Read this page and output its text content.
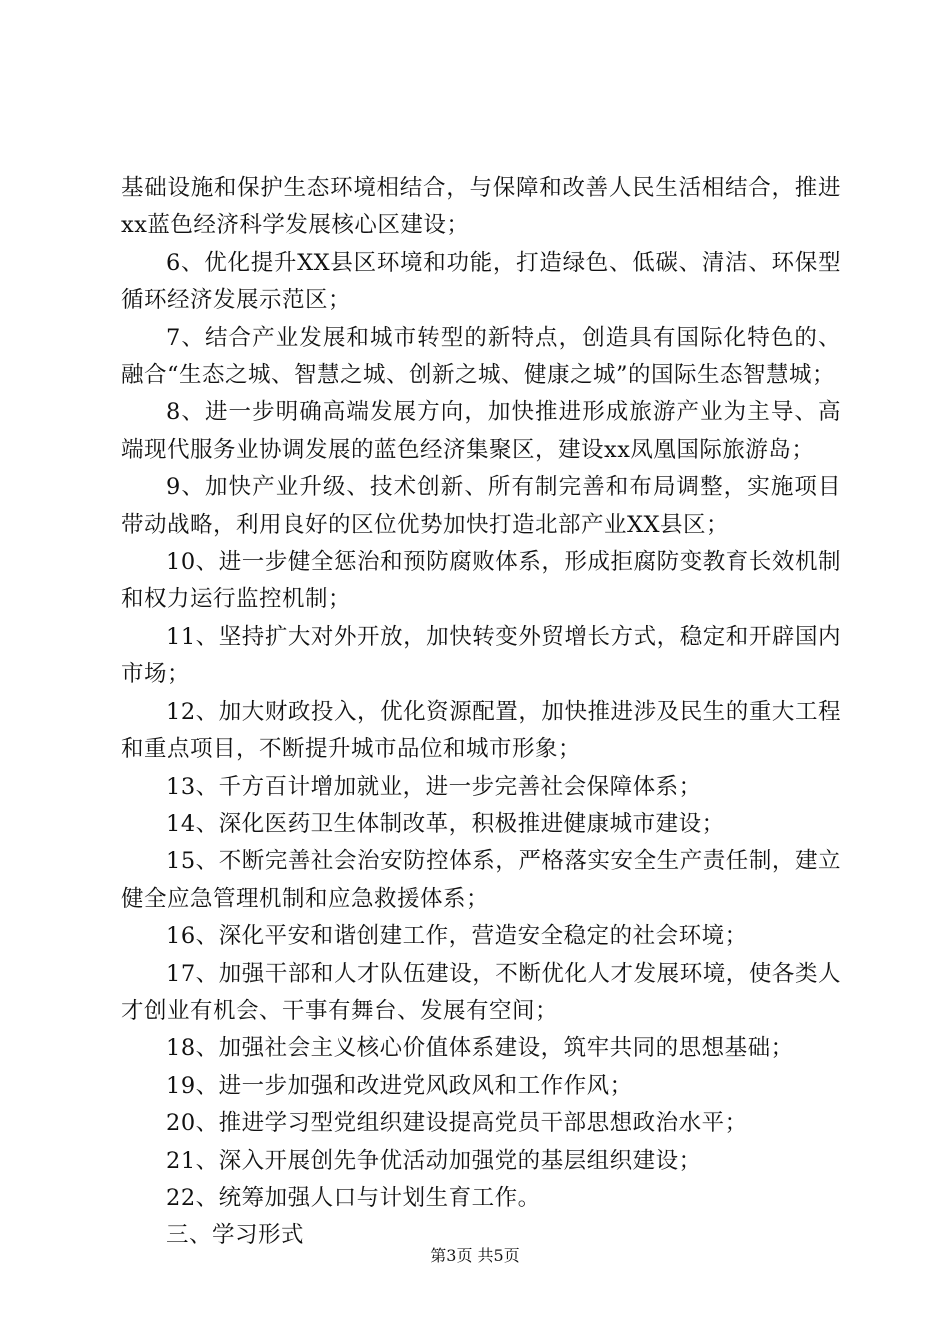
基础设施和保护生态环境相结合，与保障和改善人民生活相结合，推进xx蓝色经济科学发展核心区建设；

6、优化提升XX县区环境和功能，打造绿色、低碳、清洁、环保型循环经济发展示范区；

7、结合产业发展和城市转型的新特点，创造具有国际化特色的、融合“生态之城、智慧之城、创新之城、健康之城”的国际生态智慧城；

8、进一步明确高端发展方向，加快推进形成旅游产业为主导、高端现代服务业协调发展的蓝色经济集聚区，建设xx凤凰国际旅游岛；

9、加快产业升级、技术创新、所有制完善和布局调整，实施项目带动战略，利用良好的区位优势加快打造北部产业XX县区；

10、进一步健全惩治和预防腐败体系，形成拒腐防变教育长效机制和权力运行监控机制；

11、坚持扩大对外开放，加快转变外贸增长方式，稳定和开辟国内市场；

12、加大财政投入，优化资源配置，加快推进涉及民生的重大工程和重点项目，不断提升城市品位和城市形象；

13、千方百计增加就业，进一步完善社会保障体系；

14、深化医药卫生体制改革，积极推进健康城市建设；

15、不断完善社会治安防控体系，严格落实安全生产责任制，建立健全应急管理机制和应急救援体系；

16、深化平安和谐创建工作，营造安全稳定的社会环境；

17、加强干部和人才队伍建设，不断优化人才发展环境，使各类人才创业有机会、干事有舞台、发展有空间；

18、加强社会主义核心价值体系建设，筑牢共同的思想基础；

19、进一步加强和改进党风政风和工作作风；

20、推进学习型党组织建设提高党员干部思想政治水平；

21、深入开展创先争优活动加强党的基层组织建设；

22、统筹加强人口与计划生育工作。

三、学习形式

第3页 共5页
